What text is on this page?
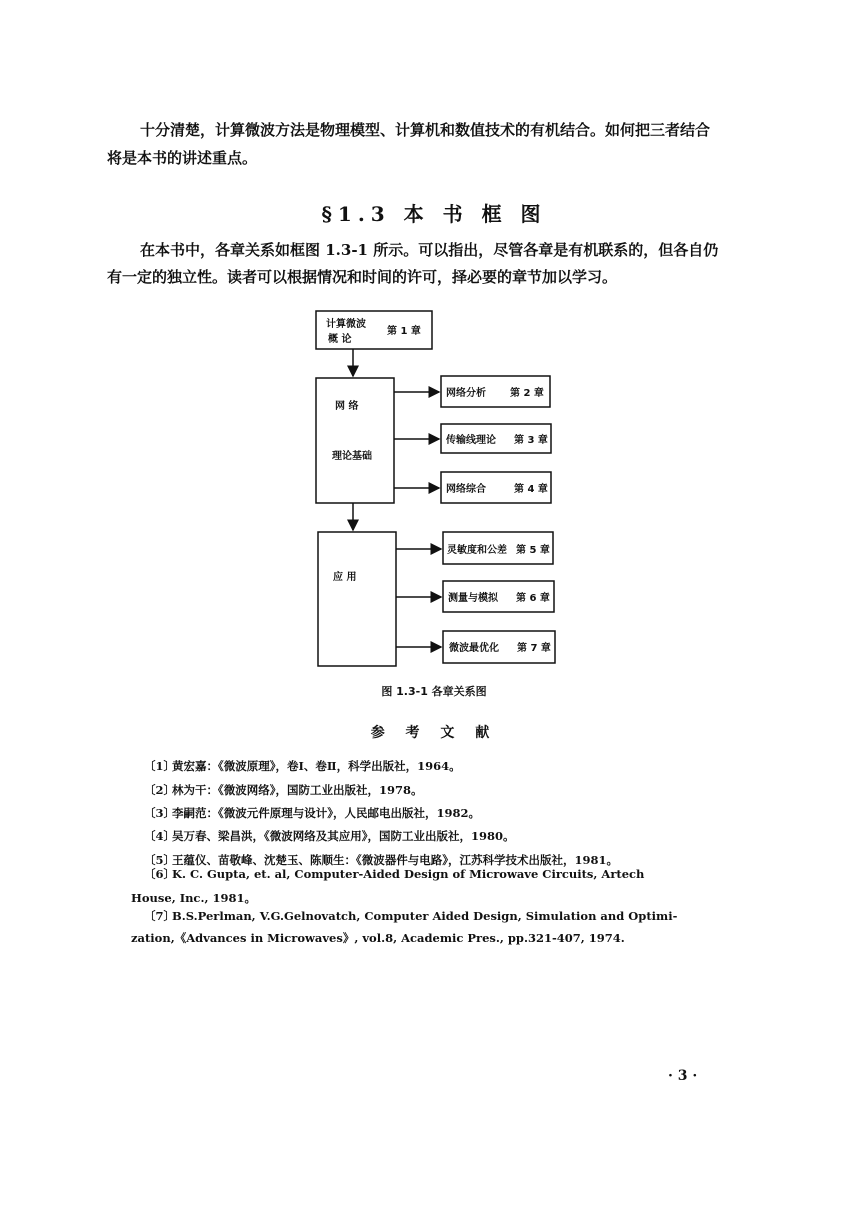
十分清楚，计算微波方法是物理模型、计算机和数值技术的有机结合。如何把三者结合
将是本书的讲述重点。
§1.3 本 书 框 图
在本书中，各章关系如框图 1.3-1 所示。可以指出，尽管各章是有机联系的，但各自仍
有一定的独立性。读者可以根据情况和时间的许可，择必要的章节加以学习。
计算微波
概 论
第 1 章
网 络
理论基础
应 用
网络分析 第 2 章
传输线理论 第 3 章
网络综合	第 4 章
灵敏度和公差 第 5 章
测量与模拟 第 6 章
微波最优化 第 7 章
图 1.3-1 各章关系图
参 考 文 献
〔1〕黄宏嘉：《微波原理》，卷Ⅰ、卷Ⅱ，科学出版社，1964。
〔2〕林为干：《微波网络》，国防工业出版社，1978。
〔3〕李嗣范：《微波元件原理与设计》，人民邮电出版社，1982。
〔4〕吴万春、梁昌洪，《微波网络及其应用》，国防工业出版社，1980。
〔5〕王蕴仪、苗敬峰、沈楚玉、陈顺生：《微波器件与电路》，江苏科学技术出版社，1981。
〔6〕K. C. Gupta, et. al, Computer-Aided Design of Microwave Circuits, Artech
House, Inc., 1981。
〔7〕B.S.Perlman, V.G.Gelnovatch, Computer Aided Design, Simulation and Optimi-
zation,《Advances in Microwaves》, vol.8, Academic Pres., pp.321-407, 1974.
· 3 ·
